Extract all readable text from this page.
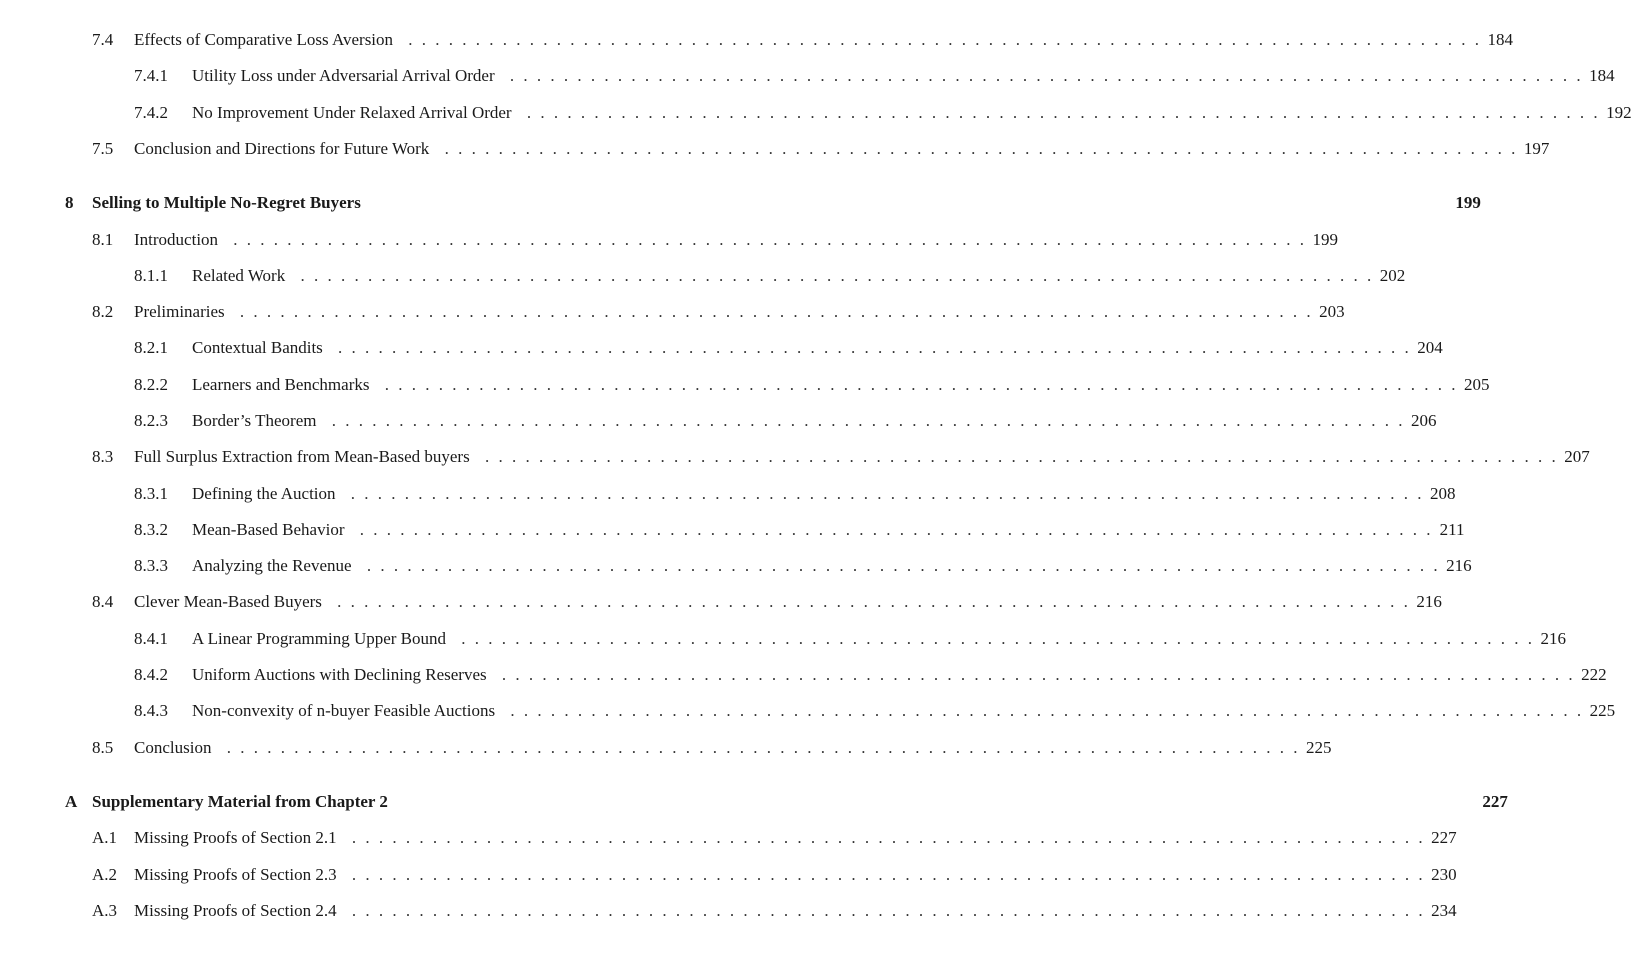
7.4 Effects of Comparative Loss Aversion . . . . . . . . . . . . . . . . . . . . . . . . . . . . . . . . . . . . . . . . . . . . . . . . . . . . . . . . . . . . . . . . . . . . . . . . . . . . . . . . 184
7.4.1 Utility Loss under Adversarial Arrival Order . . . . . . . . . . . . . . . . . . . . . . . . . . . . . . . . . . . . . . . . . . . . . . . . . . . . . . . . . . . . . . . . . . . . . . . . . . . . . . . . 184
7.4.2 No Improvement Under Relaxed Arrival Order . . . . . . . . . . . . . . . . . . . . . . . . . . . . . . . . . . . . . . . . . . . . . . . . . . . . . . . . . . . . . . . . . . . . . . . . . . . . . . . . 192
7.5 Conclusion and Directions for Future Work . . . . . . . . . . . . . . . . . . . . . . . . . . . . . . . . . . . . . . . . . . . . . . . . . . . . . . . . . . . . . . . . . . . . . . . . . . . . . . . . 197
8 Selling to Multiple No-Regret Buyers	199
8.1 Introduction . . . . . . . . . . . . . . . . . . . . . . . . . . . . . . . . . . . . . . . . . . . . . . . . . . . . . . . . . . . . . . . . . . . . . . . . . . . . . . . . 199
8.1.1 Related Work . . . . . . . . . . . . . . . . . . . . . . . . . . . . . . . . . . . . . . . . . . . . . . . . . . . . . . . . . . . . . . . . . . . . . . . . . . . . . . . . 202
8.2 Preliminaries . . . . . . . . . . . . . . . . . . . . . . . . . . . . . . . . . . . . . . . . . . . . . . . . . . . . . . . . . . . . . . . . . . . . . . . . . . . . . . . . 203
8.2.1 Contextual Bandits . . . . . . . . . . . . . . . . . . . . . . . . . . . . . . . . . . . . . . . . . . . . . . . . . . . . . . . . . . . . . . . . . . . . . . . . . . . . . . . . 204
8.2.2 Learners and Benchmarks . . . . . . . . . . . . . . . . . . . . . . . . . . . . . . . . . . . . . . . . . . . . . . . . . . . . . . . . . . . . . . . . . . . . . . . . . . . . . . . . 205
8.2.3 Border’s Theorem . . . . . . . . . . . . . . . . . . . . . . . . . . . . . . . . . . . . . . . . . . . . . . . . . . . . . . . . . . . . . . . . . . . . . . . . . . . . . . . . 206
8.3 Full Surplus Extraction from Mean-Based buyers . . . . . . . . . . . . . . . . . . . . . . . . . . . . . . . . . . . . . . . . . . . . . . . . . . . . . . . . . . . . . . . . . . . . . . . . . . . . . . . . 207
8.3.1 Defining the Auction . . . . . . . . . . . . . . . . . . . . . . . . . . . . . . . . . . . . . . . . . . . . . . . . . . . . . . . . . . . . . . . . . . . . . . . . . . . . . . . . 208
8.3.2 Mean-Based Behavior . . . . . . . . . . . . . . . . . . . . . . . . . . . . . . . . . . . . . . . . . . . . . . . . . . . . . . . . . . . . . . . . . . . . . . . . . . . . . . . . 211
8.3.3 Analyzing the Revenue . . . . . . . . . . . . . . . . . . . . . . . . . . . . . . . . . . . . . . . . . . . . . . . . . . . . . . . . . . . . . . . . . . . . . . . . . . . . . . . . 216
8.4 Clever Mean-Based Buyers . . . . . . . . . . . . . . . . . . . . . . . . . . . . . . . . . . . . . . . . . . . . . . . . . . . . . . . . . . . . . . . . . . . . . . . . . . . . . . . . 216
8.4.1 A Linear Programming Upper Bound . . . . . . . . . . . . . . . . . . . . . . . . . . . . . . . . . . . . . . . . . . . . . . . . . . . . . . . . . . . . . . . . . . . . . . . . . . . . . . . . 216
8.4.2 Uniform Auctions with Declining Reserves . . . . . . . . . . . . . . . . . . . . . . . . . . . . . . . . . . . . . . . . . . . . . . . . . . . . . . . . . . . . . . . . . . . . . . . . . . . . . . . . 222
8.4.3 Non-convexity of n-buyer Feasible Auctions . . . . . . . . . . . . . . . . . . . . . . . . . . . . . . . . . . . . . . . . . . . . . . . . . . . . . . . . . . . . . . . . . . . . . . . . . . . . . . . . 225
8.5 Conclusion . . . . . . . . . . . . . . . . . . . . . . . . . . . . . . . . . . . . . . . . . . . . . . . . . . . . . . . . . . . . . . . . . . . . . . . . . . . . . . . . 225
A Supplementary Material from Chapter 2	227
A.1 Missing Proofs of Section 2.1 . . . . . . . . . . . . . . . . . . . . . . . . . . . . . . . . . . . . . . . . . . . . . . . . . . . . . . . . . . . . . . . . . . . . . . . . . . . . . . . . 227
A.2 Missing Proofs of Section 2.3 . . . . . . . . . . . . . . . . . . . . . . . . . . . . . . . . . . . . . . . . . . . . . . . . . . . . . . . . . . . . . . . . . . . . . . . . . . . . . . . . 230
A.3 Missing Proofs of Section 2.4 . . . . . . . . . . . . . . . . . . . . . . . . . . . . . . . . . . . . . . . . . . . . . . . . . . . . . . . . . . . . . . . . . . . . . . . . . . . . . . . . 234
